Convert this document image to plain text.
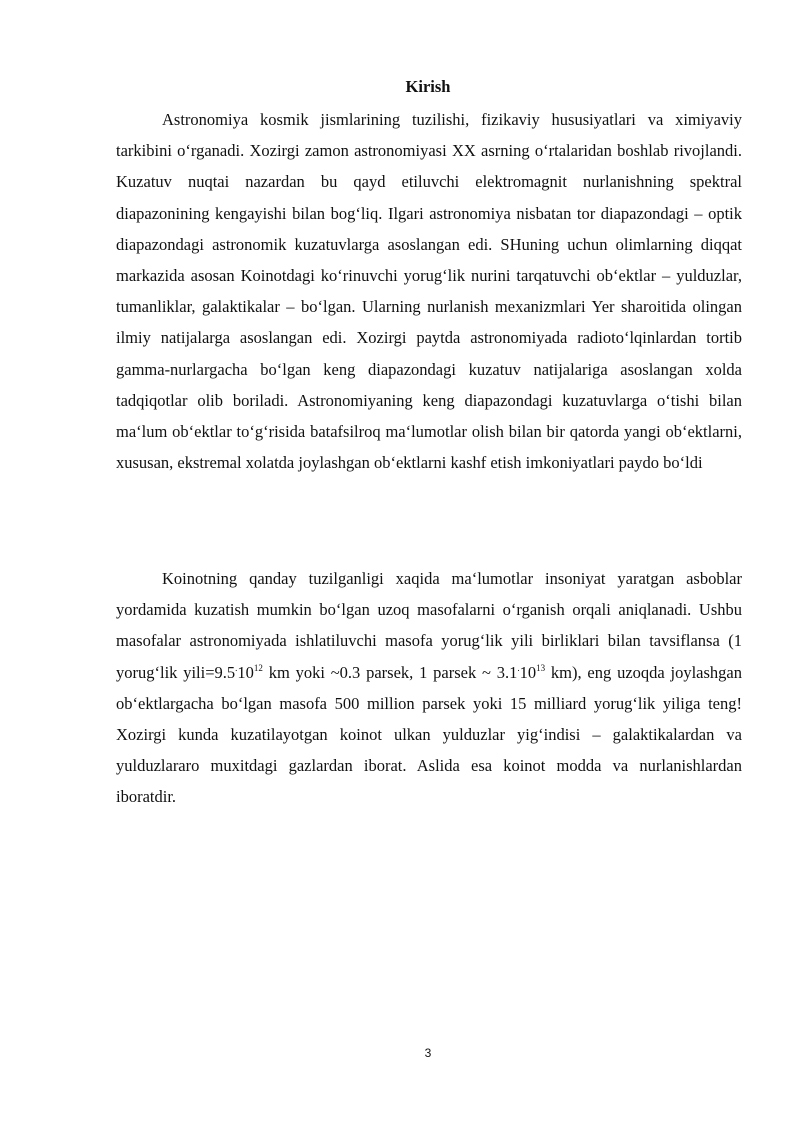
Kirish

Astronomiya kosmik jismlarining tuzilishi, fizikaviy hususiyatlari va ximiyaviy tarkibini o‘rganadi. Xozirgi zamon astronomiyasi XX asrning o‘rtalaridan boshlab rivojlandi. Kuzatuv nuqtai nazardan bu qayd etiluvchi elektromagnit nurlanishning spektral diapazonining kengayishi bilan bog‘liq. Ilgari astronomiya nisbatan tor diapazondagi – optik diapazondagi astronomik kuzatuvlarga asoslangan edi. SHuning uchun olimlarning diqqat markazida asosan Koinotdagi ko‘rinuvchi yorug‘lik nurini tarqatuvchi ob‘ektlar – yulduzlar, tumanliklar, galaktikalar – bo‘lgan. Ularning nurlanish mexanizmlari Yer sharoitida olingan ilmiy natijalarga asoslangan edi. Xozirgi paytda astronomiyada radioto‘lqinlardan tortib gamma-nurlargacha bo‘lgan keng diapazondagi kuzatuv natijalariga asoslangan xolda tadqiqotlar olib boriladi. Astronomiyaning keng diapazondagi kuzatuvlarga o‘tishi bilan ma‘lum ob‘ektlar to‘g‘risida batafsilroq ma‘lumotlar olish bilan bir qatorda yangi ob‘ektlarni, xususan, ekstremal xolatda joylashgan ob‘ektlarni kashf etish imkoniyatlari paydo bo‘ldi

Koinotning qanday tuzilganligi xaqida ma‘lumotlar insoniyat yaratgan asboblar yordamida kuzatish mumkin bo‘lgan uzoq masofalarni o‘rganish orqali aniqlanadi. Ushbu masofalar astronomiyada ishlatiluvchi masofa yorug‘lik yili birliklari bilan tavsiflansa (1 yorug‘lik $yili=9.5^.10^{12}$ km yoki ~0.3 parsek, 1 parsek ~ $3.1^.10^{13}$ km), eng uzoqda joylashgan ob‘ektlargacha bo‘lgan masofa 500 million parsek yoki 15 milliard yorug‘lik yiliga teng! Xozirgi kunda kuzatilayotgan koinot ulkan yulduzlar yig‘indisi – galaktikalardan va yulduzlararo muxitdagi gazlardan iborat. Aslida esa koinot modda va nurlanishlardan iboratdir.

3
